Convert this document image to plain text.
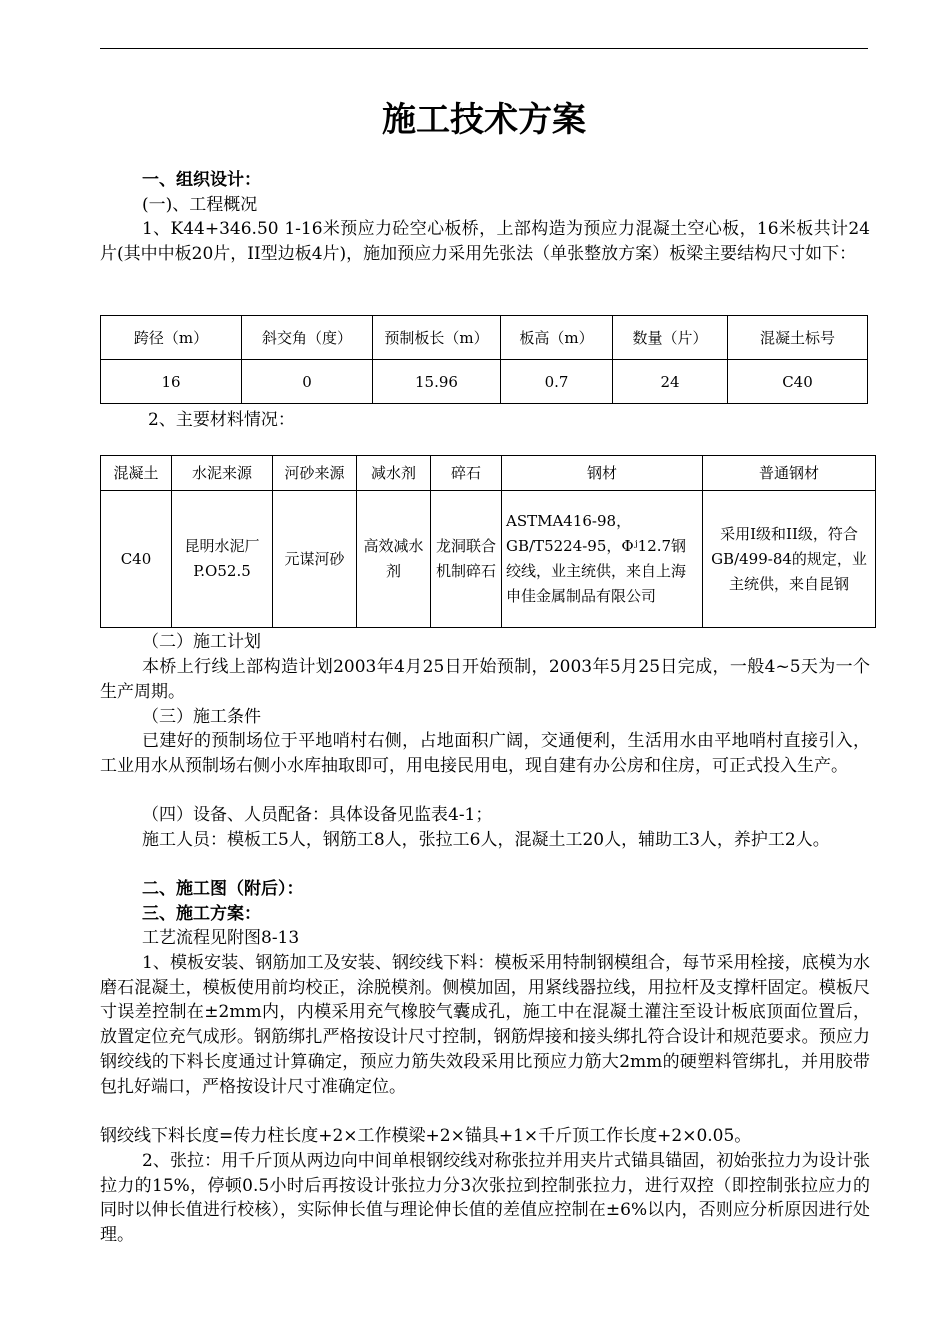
施工技术方案
一、组织设计：
(一)、工程概况
1、K44+346.50 1-16米预应力砼空心板桥，上部构造为预应力混凝土空心板，16米板共计24片(其中中板20片，II型边板4片)，施加预应力采用先张法（单张整放方案）板梁主要结构尺寸如下：
跨径（m）	斜交角（度）	预制板长（m）	板高（m）	数量（片）	混凝土标号
16	0	15.96	0.7	24	C40
2、主要材料情况：
混凝土	水泥来源	河砂来源	减水剂	碎石	钢材	普通钢材
C40	昆明水泥厂P.O52.5	元谋河砂	高效减水剂	龙洞联合机制碎石	ASTMA416-98，GB/T5224-95，Φʲ12.7钢绞线，业主统供，来自上海申佳金属制品有限公司	采用I级和II级，符合GB/499-84的规定，业主统供，来自昆钢
（二）施工计划
本桥上行线上部构造计划2003年4月25日开始预制，2003年5月25日完成，一般4~5天为一个生产周期。
（三）施工条件
已建好的预制场位于平地哨村右侧，占地面积广阔，交通便利，生活用水由平地哨村直接引入，工业用水从预制场右侧小水库抽取即可，用电接民用电，现自建有办公房和住房，可正式投入生产。
（四）设备、人员配备：具体设备见监表4-1；
施工人员：模板工5人，钢筋工8人，张拉工6人，混凝土工20人，辅助工3人，养护工2人。
二、施工图（附后）：
三、施工方案：
工艺流程见附图8-13
1、模板安装、钢筋加工及安装、钢绞线下料：模板采用特制钢模组合，每节采用栓接，底模为水磨石混凝土，模板使用前均校正，涂脱模剂。侧模加固，用紧线器拉线，用拉杆及支撑杆固定。模板尺寸误差控制在±2mm内，内模采用充气橡胶气囊成孔，施工中在混凝土灌注至设计板底顶面位置后，放置定位充气成形。钢筋绑扎严格按设计尺寸控制，钢筋焊接和接头绑扎符合设计和规范要求。预应力钢绞线的下料长度通过计算确定，预应力筋失效段采用比预应力筋大2mm的硬塑料管绑扎，并用胶带包扎好端口，严格按设计尺寸准确定位。
钢绞线下料长度=传力柱长度+2×工作模梁+2×锚具+1×千斤顶工作长度+2×0.05。
2、张拉：用千斤顶从两边向中间单根钢绞线对称张拉并用夹片式锚具锚固，初始张拉力为设计张拉力的15%，停顿0.5小时后再按设计张拉力分3次张拉到控制张拉力，进行双控（即控制张拉应力的同时以伸长值进行校核），实际伸长值与理论伸长值的差值应控制在±6%以内，否则应分析原因进行处理。
